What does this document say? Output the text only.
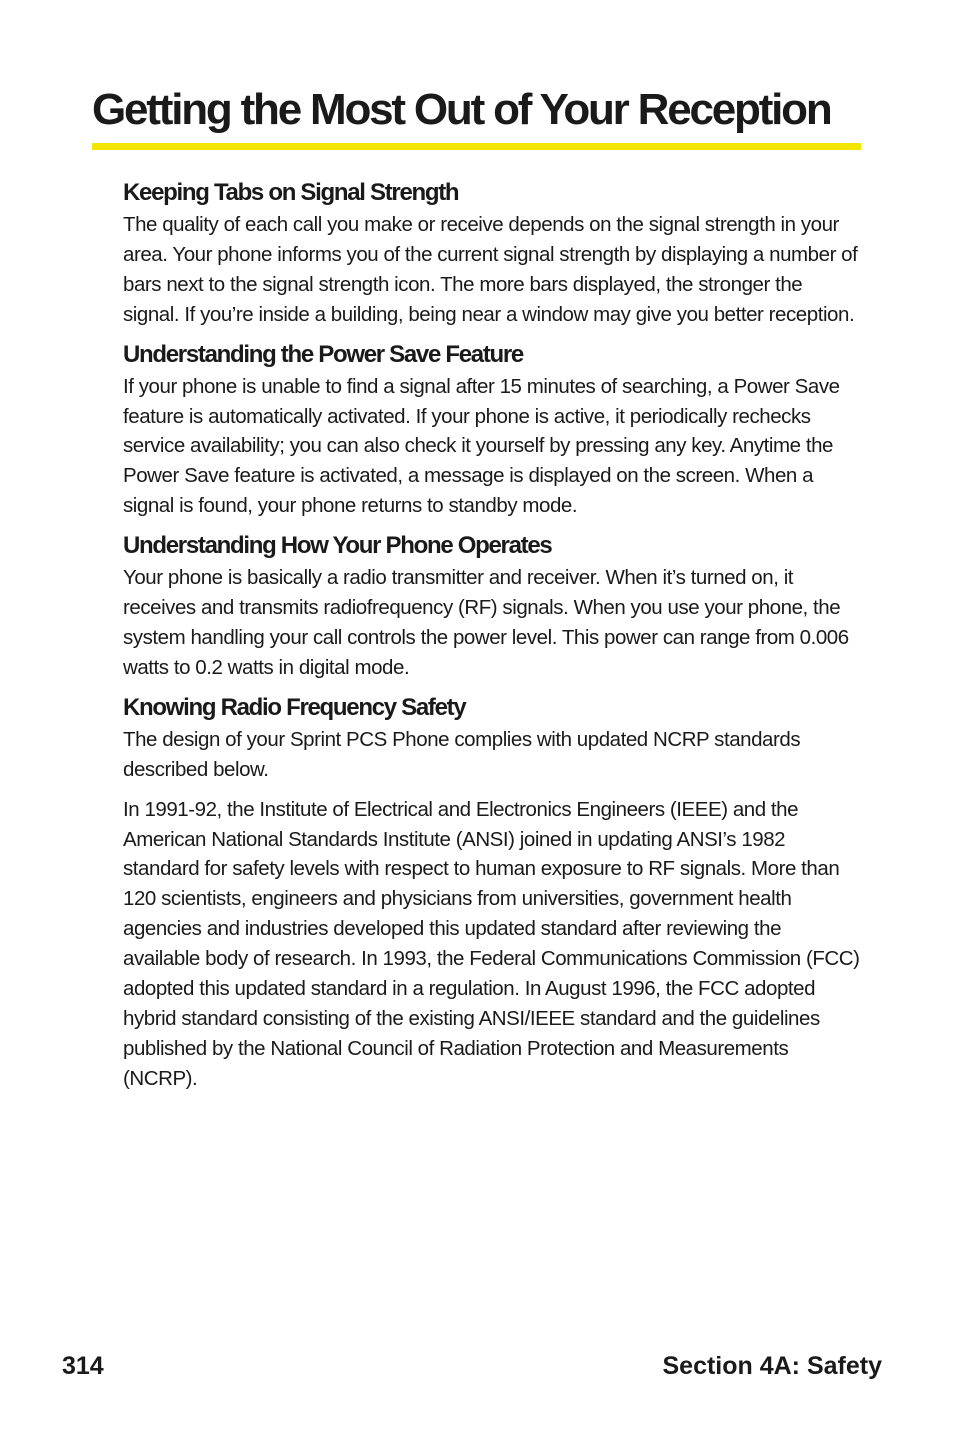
Getting the Most Out of Your Reception
Keeping Tabs on Signal Strength

The quality of each call you make or receive depends on the signal strength in your area. Your phone informs you of the current signal strength by displaying a number of bars next to the signal strength icon. The more bars displayed, the stronger the signal. If you’re inside a building, being near a window may give you better reception.

Understanding the Power Save Feature

If your phone is unable to find a signal after 15 minutes of searching, a Power Save feature is automatically activated. If your phone is active, it periodically rechecks service availability; you can also check it yourself by pressing any key. Anytime the Power Save feature is activated, a message is displayed on the screen. When a signal is found, your phone returns to standby mode.

Understanding How Your Phone Operates

Your phone is basically a radio transmitter and receiver. When it’s turned on, it receives and transmits radiofrequency (RF) signals. When you use your phone, the system handling your call controls the power level. This power can range from 0.006 watts to 0.2 watts in digital mode.

Knowing Radio Frequency Safety

The design of your Sprint PCS Phone complies with updated NCRP standards described below.

In 1991-92, the Institute of Electrical and Electronics Engineers (IEEE) and the American National Standards Institute (ANSI) joined in updating ANSI’s 1982 standard for safety levels with respect to human exposure to RF signals. More than 120 scientists, engineers and physicians from universities, government health agencies and industries developed this updated standard after reviewing the available body of research. In 1993, the Federal Communications Commission (FCC) adopted this updated standard in a regulation. In August 1996, the FCC adopted hybrid standard consisting of the existing ANSI/IEEE standard and the guidelines published by the National Council of Radiation Protection and Measurements (NCRP).

314	Section 4A: Safety
